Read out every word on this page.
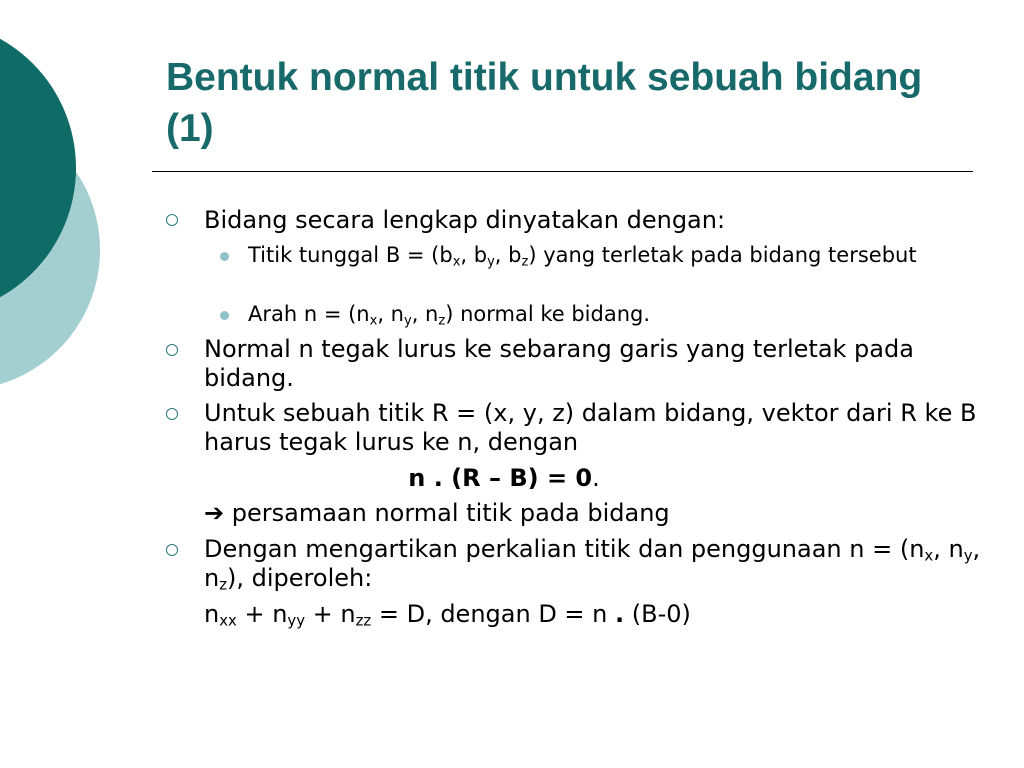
Bentuk normal titik untuk sebuah bidang (1)

Bidang secara lengkap dinyatakan dengan:

Titik tunggal $B = (b_x$, $b_y$, $b_z$) yang terletak pada bidang tersebut

Arah $n = (n_x$, $n_y$, $n_z$) normal ke bidang.

Normal n tegak lurus ke sebarang garis yang terletak pada bidang.

Untuk sebuah titik R = (x, y, z) dalam bidang, vektor dari R ke B harus tegak lurus ke n, dengan

n . (R – B) = 0.

➔ persamaan normal titik pada bidang

Dengan mengartikan perkalian titik dan penggunaan $n = (n_x$, $n_y$, $n_z$), diperoleh:

$n_{xx} + n_{yy} + n_{zz} = D$, dengan D = n . (B-0)
